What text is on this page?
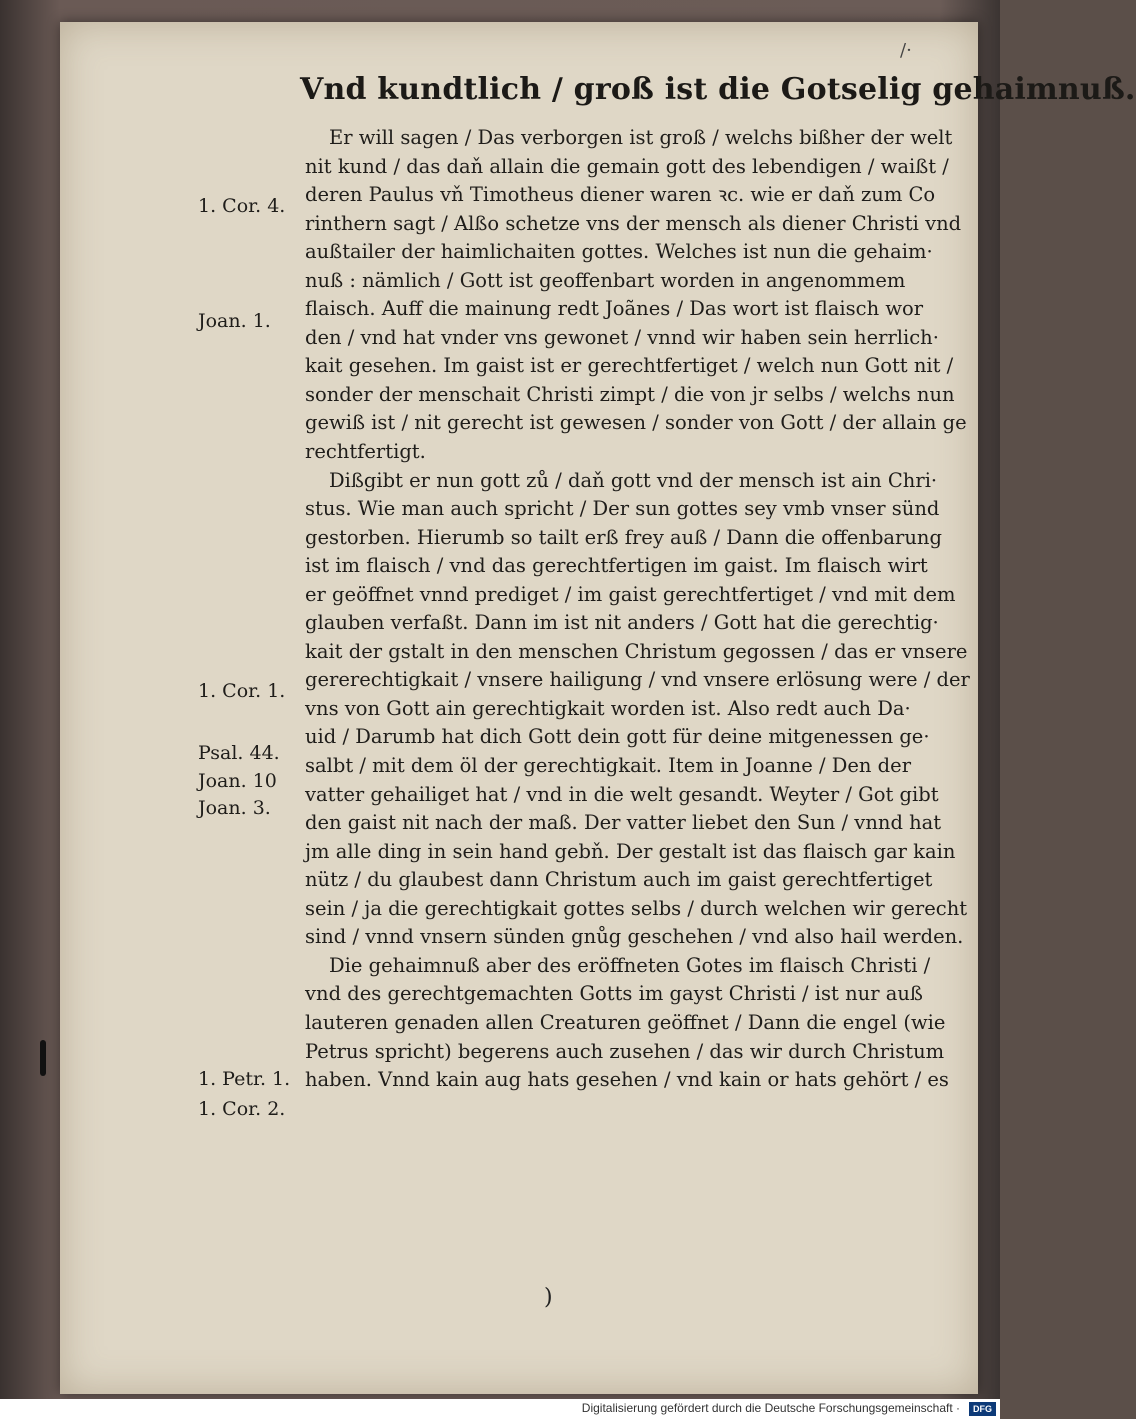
/·
Vnd kundtlich / groß ist die Gotselig gehaimnuß.
Er will sagen / Das verborgen ist groß / welchs bißher der welt
nit kund / das daň allain die gemain gott des lebendigen / waißt /
deren Paulus vň Timotheus diener waren ꝛc. wie er daň zum Co
rinthern sagt / Alßo schetze vns der mensch als diener Christi vnd
außtailer der haimlichaiten gottes. Welches ist nun die gehaim·
nuß : nämlich / Gott ist geoffenbart worden in angenommem
flaisch. Auff die mainung redt Joãnes / Das wort ist flaisch wor
den / vnd hat vnder vns gewonet / vnnd wir haben sein herrlich·
kait gesehen. Im gaist ist er gerechtfertiget / welch nun Gott nit /
sonder der menschait Christi zimpt / die von jr selbs / welchs nun
gewiß ist / nit gerecht ist gewesen / sonder von Gott / der allain ge
rechtfertigt.
Dißgibt er nun gott zů / daň gott vnd der mensch ist ain Chri·
stus. Wie man auch spricht / Der sun gottes sey vmb vnser sünd
gestorben. Hierumb so tailt erß frey auß / Dann die offenbarung
ist im flaisch / vnd das gerechtfertigen im gaist. Im flaisch wirt
er geöffnet vnnd prediget / im gaist gerechtfertiget / vnd mit dem
glauben verfaßt. Dann im ist nit anders / Gott hat die gerechtig·
kait der gstalt in den menschen Christum gegossen / das er vnsere
gererechtigkait / vnsere hailigung / vnd vnsere erlösung were / der
vns von Gott ain gerechtigkait worden ist. Also redt auch Da·
uid / Darumb hat dich Gott dein gott für deine mitgenessen ge·
salbt / mit dem öl der gerechtigkait. Item in Joanne / Den der
vatter gehailiget hat / vnd in die welt gesandt. Weyter / Got gibt
den gaist nit nach der maß. Der vatter liebet den Sun / vnnd hat
jm alle ding in sein hand gebň. Der gestalt ist das flaisch gar kain
nütz / du glaubest dann Christum auch im gaist gerechtfertiget
sein / ja die gerechtigkait gottes selbs / durch welchen wir gerecht
sind / vnnd vnsern sünden gnůg geschehen / vnd also hail werden.
Die gehaimnuß aber des eröffneten Gotes im flaisch Christi /
vnd des gerechtgemachten Gotts im gayst Christi / ist nur auß
lauteren genaden allen Creaturen geöffnet / Dann die engel (wie
Petrus spricht) begerens auch zusehen / das wir durch Christum
haben. Vnnd kain aug hats gesehen / vnd kain or hats gehört / es
1. Cor. 4.
Joan. 1.
1. Cor. 1.
Psal. 44.
Joan. 10
Joan. 3.
1. Petr. 1.
1. Cor. 2.
)
Digitalisierung gefördert durch die Deutsche Forschungsgemeinschaft ·	DFG
